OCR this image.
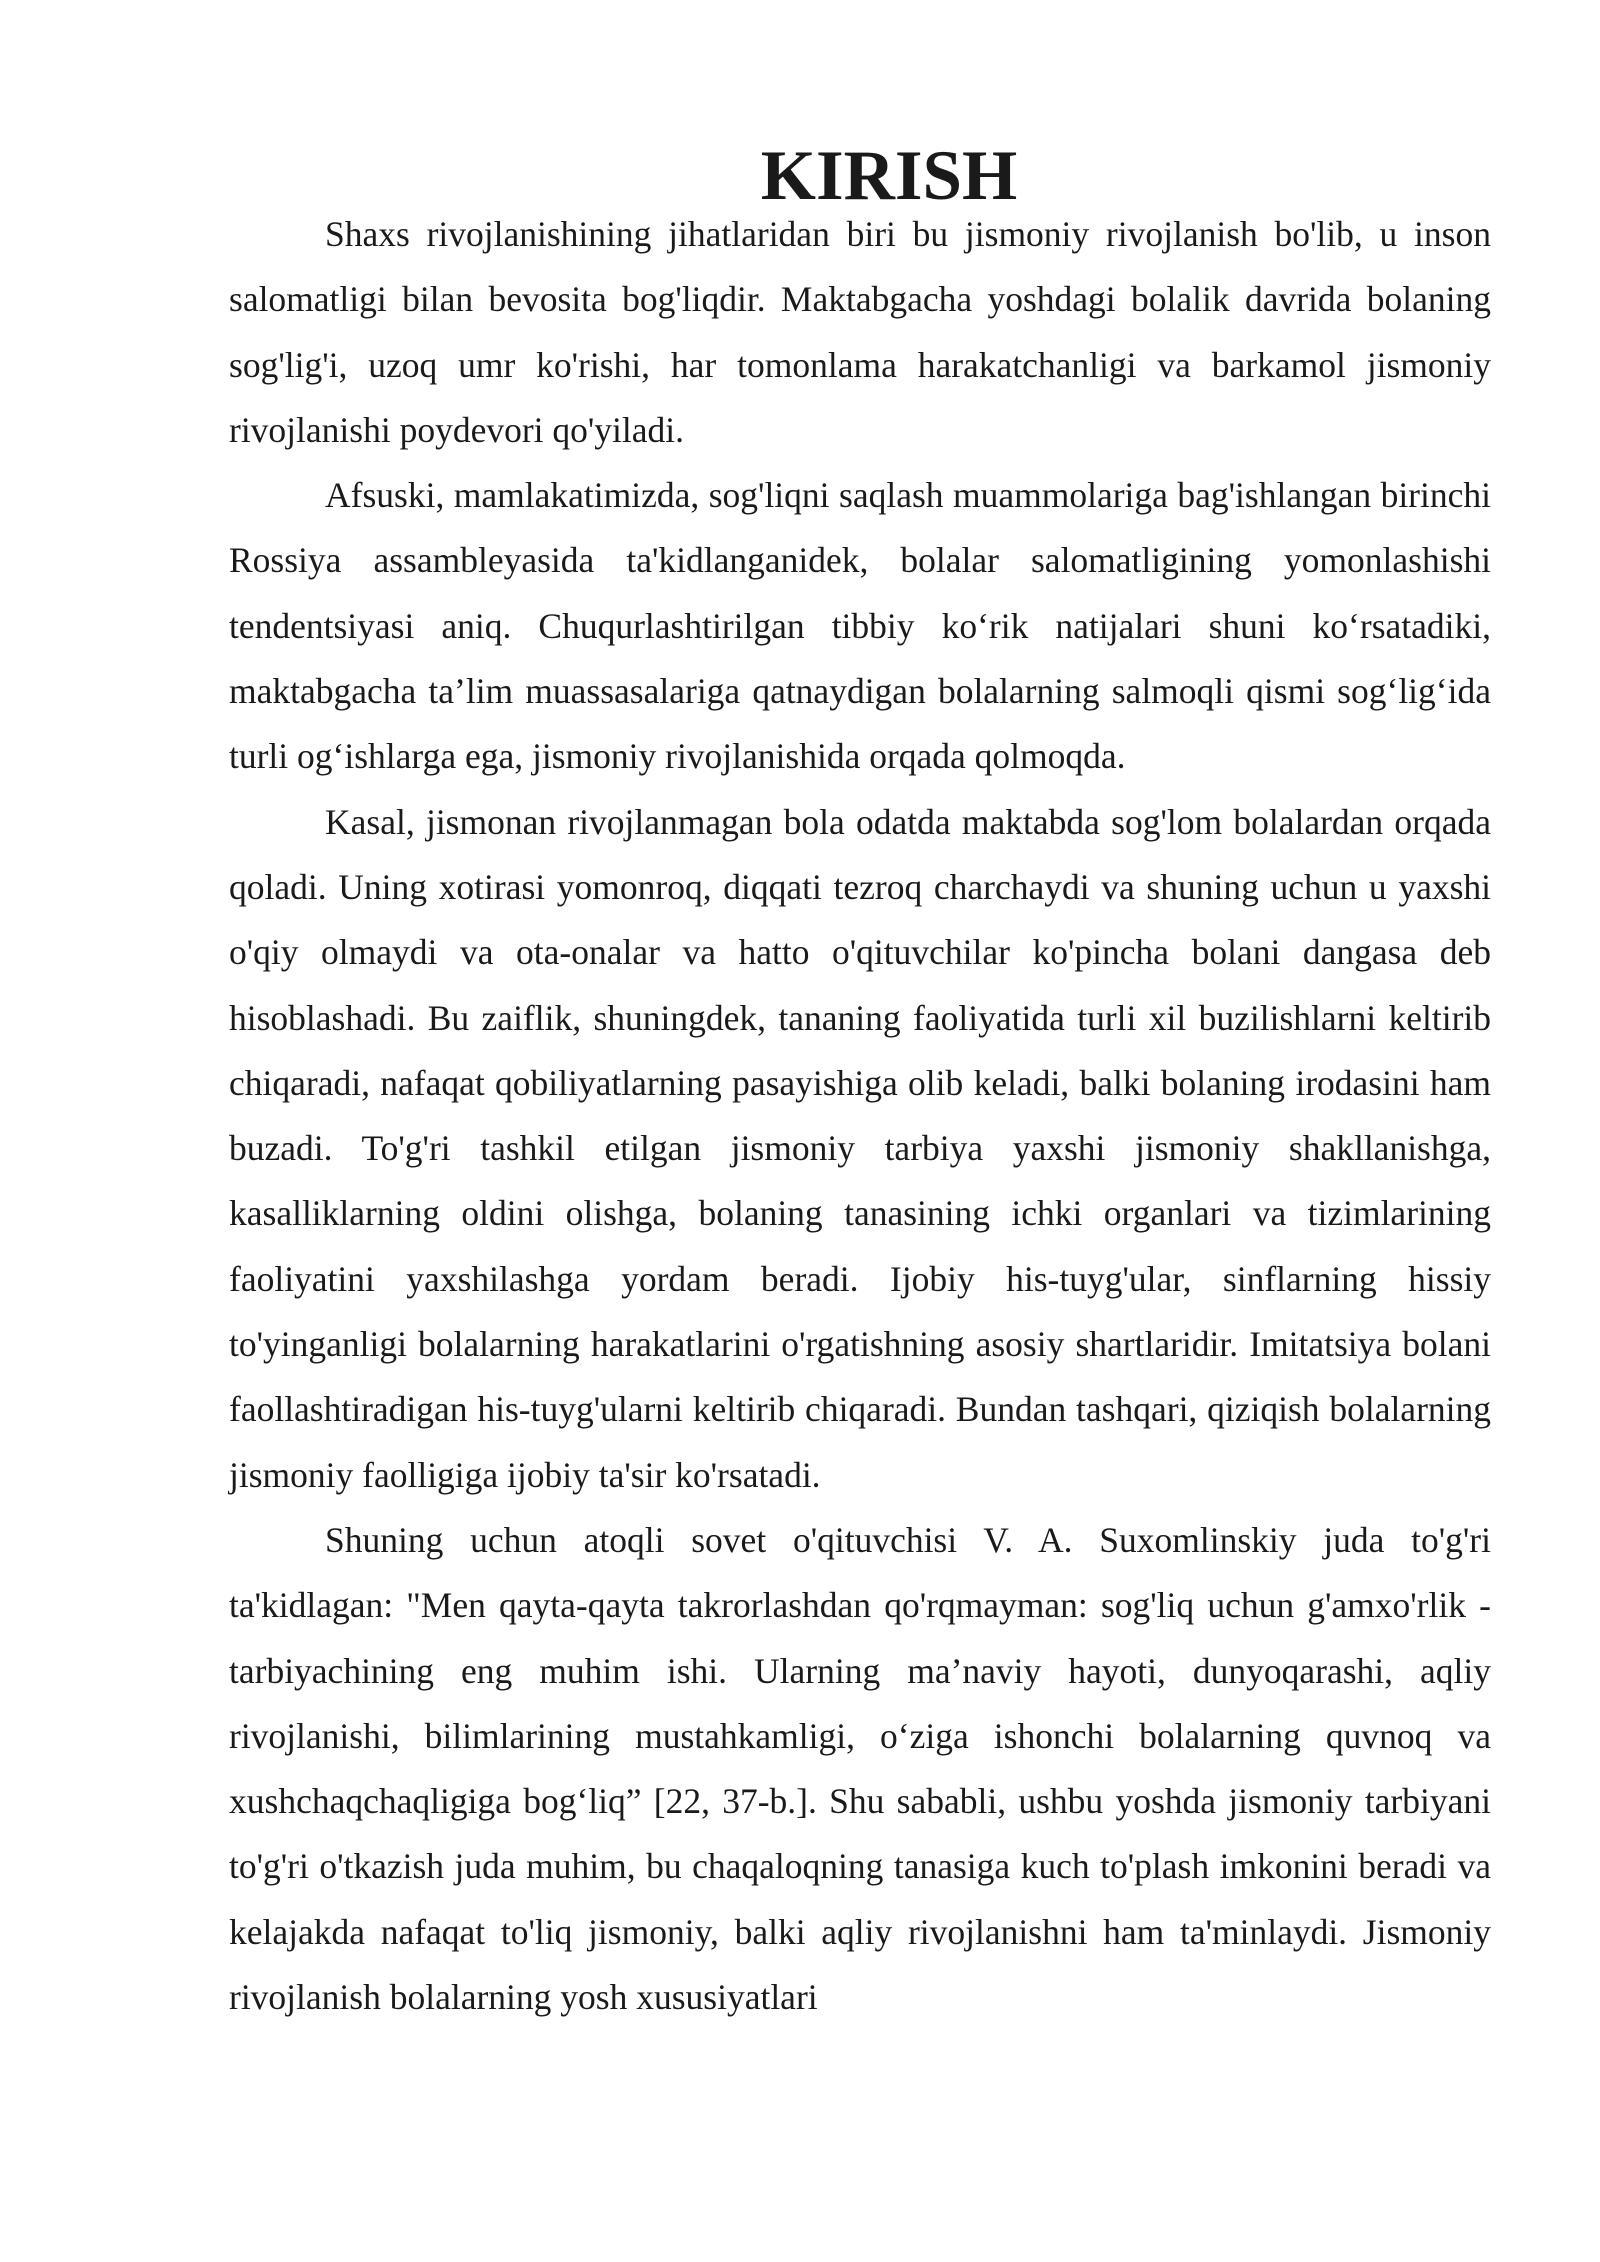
KIRISH

Shaxs rivojlanishining jihatlaridan biri bu jismoniy rivojlanish bo'lib, u inson salomatligi bilan bevosita bog'liqdir. Maktabgacha yoshdagi bolalik davrida bolaning sog'lig'i, uzoq umr ko'rishi, har tomonlama harakatchanligi va barkamol jismoniy rivojlanishi poydevori qo'yiladi.

Afsuski, mamlakatimizda, sog'liqni saqlash muammolariga bag'ishlangan birinchi Rossiya assambleyasida ta'kidlanganidek, bolalar salomatligining yomonlashishi tendentsiyasi aniq. Chuqurlashtirilgan tibbiy ko‘rik natijalari shuni ko‘rsatadiki, maktabgacha ta’lim muassasalariga qatnaydigan bolalarning salmoqli qismi sog‘lig‘ida turli og‘ishlarga ega, jismoniy rivojlanishida orqada qolmoqda.

Kasal, jismonan rivojlanmagan bola odatda maktabda sog'lom bolalardan orqada qoladi. Uning xotirasi yomonroq, diqqati tezroq charchaydi va shuning uchun u yaxshi o'qiy olmaydi va ota-onalar va hatto o'qituvchilar ko'pincha bolani dangasa deb hisoblashadi. Bu zaiflik, shuningdek, tananing faoliyatida turli xil buzilishlarni keltirib chiqaradi, nafaqat qobiliyatlarning pasayishiga olib keladi, balki bolaning irodasini ham buzadi. To'g'ri tashkil etilgan jismoniy tarbiya yaxshi jismoniy shakllanishga, kasalliklarning oldini olishga, bolaning tanasining ichki organlari va tizimlarining faoliyatini yaxshilashga yordam beradi. Ijobiy his-tuyg'ular, sinflarning hissiy to'yinganligi bolalarning harakatlarini o'rgatishning asosiy shartlaridir. Imitatsiya bolani faollashtiradigan his-tuyg'ularni keltirib chiqaradi. Bundan tashqari, qiziqish bolalarning jismoniy faolligiga ijobiy ta'sir ko'rsatadi.

Shuning uchun atoqli sovet o'qituvchisi V. A. Suxomlinskiy juda to'g'ri ta'kidlagan: "Men qayta-qayta takrorlashdan qo'rqmayman: sog'liq uchun g'amxo'rlik - tarbiyachining eng muhim ishi. Ularning ma’naviy hayoti, dunyoqarashi, aqliy rivojlanishi, bilimlarining mustahkamligi, o‘ziga ishonchi bolalarning quvnoq va xushchaqchaqligiga bog‘liq” [22, 37-b.]. Shu sababli, ushbu yoshda jismoniy tarbiyani to'g'ri o'tkazish juda muhim, bu chaqaloqning tanasiga kuch to'plash imkonini beradi va kelajakda nafaqat to'liq jismoniy, balki aqliy rivojlanishni ham ta'minlaydi. Jismoniy rivojlanish bolalarning yosh xususiyatlari
